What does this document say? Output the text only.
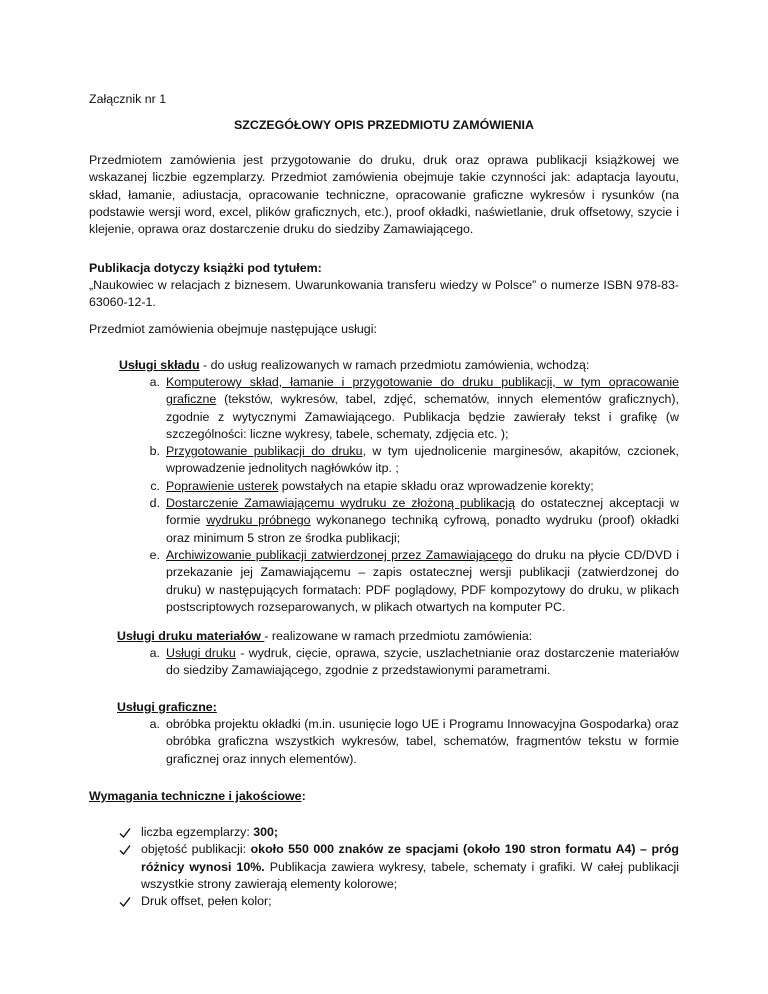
Załącznik nr 1

SZCZEGÓŁOWY OPIS PRZEDMIOTU ZAMÓWIENIA

Przedmiotem zamówienia jest przygotowanie do druku, druk oraz oprawa publikacji książkowej we wskazanej liczbie egzemplarzy. Przedmiot zamówienia obejmuje takie czynności jak: adaptacja layoutu, skład, łamanie, adiustacja, opracowanie techniczne, opracowanie graficzne wykresów i rysunków (na podstawie wersji word, excel, plików graficznych, etc.), proof okładki, naświetlanie, druk offsetowy, szycie i klejenie, oprawa oraz dostarczenie druku do siedziby Zamawiającego.

Publikacja dotyczy książki pod tytułem:

„Naukowiec w relacjach z biznesem. Uwarunkowania transferu wiedzy w Polsce” o numerze ISBN 978-83-63060-12-1.

Przedmiot zamówienia obejmuje następujące usługi:

Usługi składu - do usług realizowanych w ramach przedmiotu zamówienia, wchodzą:

a. Komputerowy skład, łamanie i przygotowanie do druku publikacji, w tym opracowanie graficzne (tekstów, wykresów, tabel, zdjęć, schematów, innych elementów graficznych), zgodnie z wytycznymi Zamawiającego. Publikacja będzie zawierały tekst i grafikę (w szczególności: liczne wykresy, tabele, schematy, zdjęcia etc. );
b. Przygotowanie publikacji do druku, w tym ujednolicenie marginesów, akapitów, czcionek, wprowadzenie jednolitych nagłówków itp. ;
c. Poprawienie usterek powstałych na etapie składu oraz wprowadzenie korekty;
d. Dostarczenie Zamawiającemu wydruku ze złożoną publikacją do ostatecznej akceptacji w formie wydruku próbnego wykonanego techniką cyfrową, ponadto wydruku (proof) okładki oraz minimum 5 stron ze środka publikacji;
e. Archiwizowanie publikacji zatwierdzonej przez Zamawiającego do druku na płycie CD/DVD i przekazanie jej Zamawiającemu – zapis ostatecznej wersji publikacji (zatwierdzonej do druku) w następujących formatach: PDF poglądowy, PDF kompozytowy do druku, w plikach postscriptowych rozseparowanych, w plikach otwartych na komputer PC.

Usługi druku materiałów - realizowane w ramach przedmiotu zamówienia:

a. Usługi druku - wydruk, cięcie, oprawa, szycie, uszlachetnianie oraz dostarczenie materiałów do siedziby Zamawiającego, zgodnie z przedstawionymi parametrami.

Usługi graficzne:

a. obróbka projektu okładki (m.in. usunięcie logo UE i Programu Innowacyjna Gospodarka) oraz obróbka graficzna wszystkich wykresów, tabel, schematów, fragmentów tekstu w formie graficznej oraz innych elementów).

Wymagania techniczne i jakościowe:

liczba egzemplarzy: 300;
objętość publikacji: około 550 000 znaków ze spacjami (około 190 stron formatu A4) – próg różnicy wynosi 10%. Publikacja zawiera wykresy, tabele, schematy i grafiki. W całej publikacji wszystkie strony zawierają elementy kolorowe;
Druk offset, pełen kolor;
